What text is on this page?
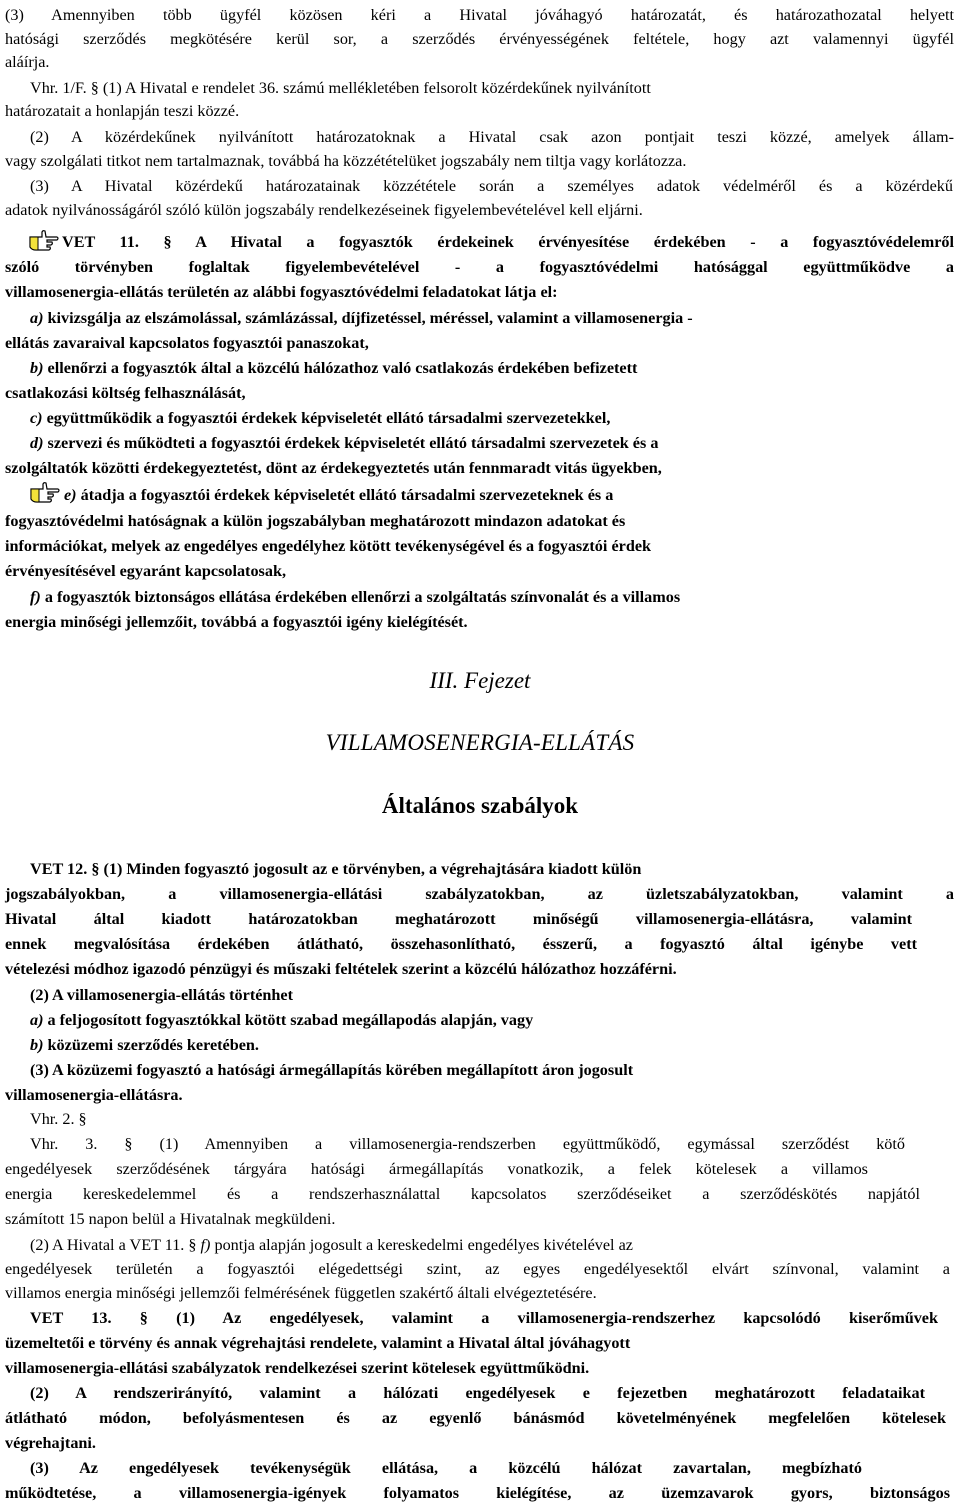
(3) Amennyiben több ügyfél közösen kéri a Hivatal jóváhagyó határozatát, és határozathozatal helyett
hatósági szerződés megkötésére kerül sor, a szerződés érvényességének feltétele, hogy azt valamennyi ügyfél
aláírja.
Vhr. 1/F. § (1) A Hivatal e rendelet 36. számú mellékletében felsorolt közérdekűnek nyilvánított
határozatait a honlapján teszi közzé.
(2) A közérdekűnek nyilvánított határozatoknak a Hivatal csak azon pontjait teszi közzé, amelyek állam-
vagy szolgálati titkot nem tartalmaznak, továbbá ha közzétételüket jogszabály nem tiltja vagy korlátozza.
(3) A Hivatal közérdekű határozatainak közzététele során a személyes adatok védelméről és a közérdekű
adatok nyilvánosságáról szóló külön jogszabály rendelkezéseinek figyelembevételével kell eljárni.
VET 11. § A Hivatal a fogyasztók érdekeinek érvényesítése érdekében - a fogyasztóvédelemről
szóló törvényben foglaltak figyelembevételével - a fogyasztóvédelmi hatósággal együttműködve a
villamosenergia-ellátás területén az alábbi fogyasztóvédelmi feladatokat látja el:
a) kivizsgálja az elszámolással, számlázással, díjfizetéssel, méréssel, valamint a villamosenergia -
ellátás zavaraival kapcsolatos fogyasztói panaszokat,
b) ellenőrzi a fogyasztók által a közcélú hálózathoz való csatlakozás érdekében befizetett
csatlakozási költség felhasználását,
c) együttműködik a fogyasztói érdekek képviseletét ellátó társadalmi szervezetekkel,
d) szervezi és működteti a fogyasztói érdekek képviseletét ellátó társadalmi szervezetek és a
szolgáltatók közötti érdekegyeztetést, dönt az érdekegyeztetés után fennmaradt vitás ügyekben,
e) átadja a fogyasztói érdekek képviseletét ellátó társadalmi szervezeteknek és a
fogyasztóvédelmi hatóságnak a külön jogszabályban meghatározott mindazon adatokat és
információkat, melyek az engedélyes engedélyhez kötött tevékenységével és a fogyasztói érdek
érvényesítésével egyaránt kapcsolatosak,
f) a fogyasztók biztonságos ellátása érdekében ellenőrzi a szolgáltatás színvonalát és a villamos
energia minőségi jellemzőit, továbbá a fogyasztói igény kielégítését.
III. Fejezet
VILLAMOSENERGIA-ELLÁTÁS
Általános szabályok
VET 12. § (1) Minden fogyasztó jogosult az e törvényben, a végrehajtására kiadott külön
jogszabályokban, a villamosenergia-ellátási szabályzatokban, az üzletszabályzatokban, valamint a
Hivatal által kiadott határozatokban meghatározott minőségű villamosenergia-ellátásra, valamint
ennek megvalósítása érdekében átlátható, összehasonlítható, ésszerű, a fogyasztó által igénybe vett
vételezési módhoz igazodó pénzügyi és műszaki feltételek szerint a közcélú hálózathoz hozzáférni.
(2) A villamosenergia-ellátás történhet
a) a feljogosított fogyasztókkal kötött szabad megállapodás alapján, vagy
b) közüzemi szerződés keretében.
(3) A közüzemi fogyasztó a hatósági ármegállapítás körében megállapított áron jogosult
villamosenergia-ellátásra.
Vhr. 2. §
Vhr. 3. § (1) Amennyiben a villamosenergia-rendszerben együttműködő, egymással szerződést kötő
engedélyesek szerződésének tárgyára hatósági ármegállapítás vonatkozik, a felek kötelesek a villamos
energia kereskedelemmel és a rendszerhasználattal kapcsolatos szerződéseiket a szerződéskötés napjától
számított 15 napon belül a Hivatalnak megküldeni.
(2) A Hivatal a VET 11. § f) pontja alapján jogosult a kereskedelmi engedélyes kivételével az
engedélyesek területén a fogyasztói elégedettségi szint, az egyes engedélyesektől elvárt színvonal, valamint a
villamos energia minőségi jellemzői felmérésének független szakértő általi elvégeztetésére.
VET 13. § (1) Az engedélyesek, valamint a villamosenergia-rendszerhez kapcsolódó kiserőművek
üzemeltetői e törvény és annak végrehajtási rendelete, valamint a Hivatal által jóváhagyott
villamosenergia-ellátási szabályzatok rendelkezései szerint kötelesek együttműködni.
(2) A rendszerirányító, valamint a hálózati engedélyesek e fejezetben meghatározott feladataikat
átlátható módon, befolyásmentesen és az egyenlő bánásmód követelményének megfelelően kötelesek
végrehajtani.
(3) Az engedélyesek tevékenységük ellátása, a közcélú hálózat zavartalan, megbízható
működtetése, a villamosenergia-igények folyamatos kielégítése, az üzemzavarok gyors, biztonságos
